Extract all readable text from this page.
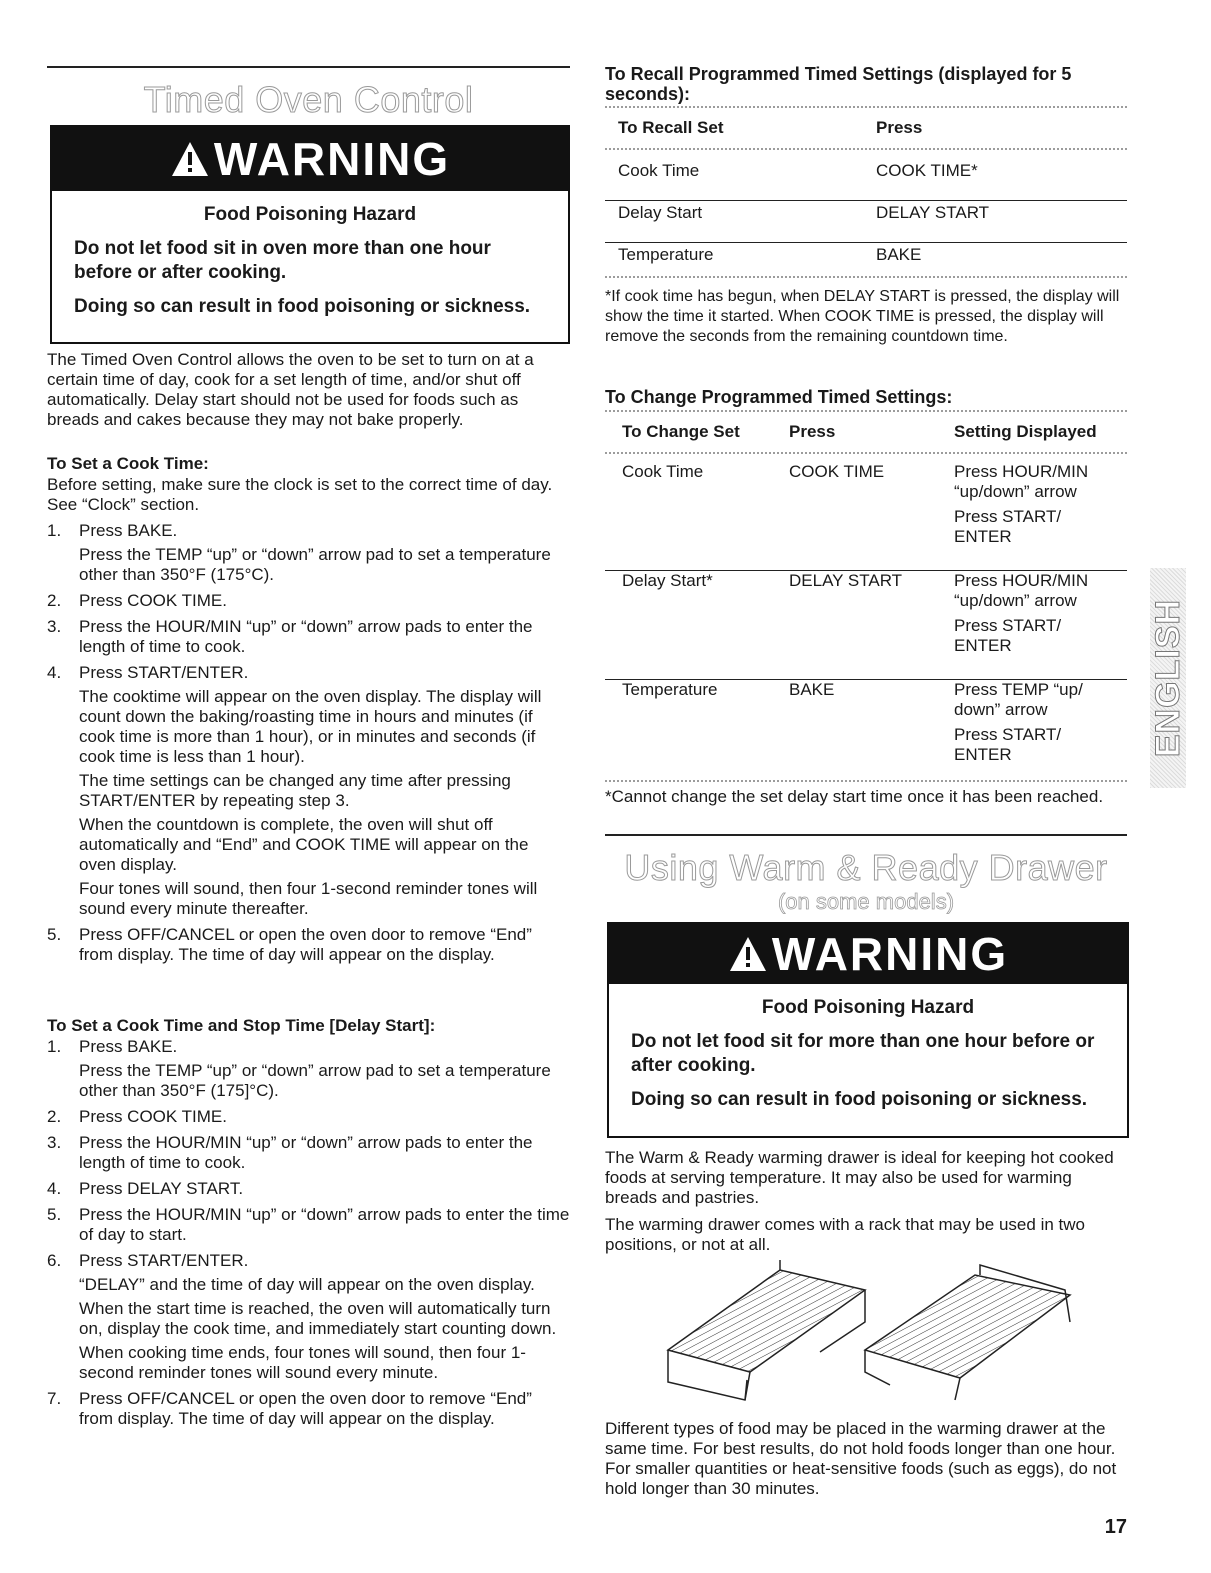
Timed Oven Control
WARNING
Food Poisoning Hazard
Do not let food sit in oven more than one hour before or after cooking.
Doing so can result in food poisoning or sickness.
The Timed Oven Control allows the oven to be set to turn on at a certain time of day, cook for a set length of time, and/or shut off automatically. Delay start should not be used for foods such as breads and cakes because they may not bake properly.
To Set a Cook Time:
Before setting, make sure the clock is set to the correct time of day. See “Clock” section.
1. Press BAKE.
Press the TEMP “up” or “down” arrow pad to set a temperature other than 350°F (175°C).
2. Press COOK TIME.
3. Press the HOUR/MIN “up” or “down” arrow pads to enter the length of time to cook.
4. Press START/ENTER.
The cooktime will appear on the oven display. The display will count down the baking/roasting time in hours and minutes (if cook time is more than 1 hour), or in minutes and seconds (if cook time is less than 1 hour).
The time settings can be changed any time after pressing START/ENTER by repeating step 3.
When the countdown is complete, the oven will shut off automatically and “End” and COOK TIME will appear on the oven display.
Four tones will sound, then four 1-second reminder tones will sound every minute thereafter.
5. Press OFF/CANCEL or open the oven door to remove “End” from display. The time of day will appear on the display.
To Set a Cook Time and Stop Time [Delay Start]:
1. Press BAKE.
Press the TEMP “up” or “down” arrow pad to set a temperature other than 350°F (175]°C).
2. Press COOK TIME.
3. Press the HOUR/MIN “up” or “down” arrow pads to enter the length of time to cook.
4. Press DELAY START.
5. Press the HOUR/MIN “up” or “down” arrow pads to enter the time of day to start.
6. Press START/ENTER.
“DELAY” and the time of day will appear on the oven display.
When the start time is reached, the oven will automatically turn on, display the cook time, and immediately start counting down.
When cooking time ends, four tones will sound, then four 1-second reminder tones will sound every minute.
7. Press OFF/CANCEL or open the oven door to remove “End” from display. The time of day will appear on the display.
To Recall Programmed Timed Settings (displayed for 5 seconds):
To Recall Set	Press
Cook Time	COOK TIME*
Delay Start	DELAY START
Temperature	BAKE
*If cook time has begun, when DELAY START is pressed, the display will show the time it started. When COOK TIME is pressed, the display will remove the seconds from the remaining countdown time.
To Change Programmed Timed Settings:
To Change Set	Press	Setting Displayed
Cook Time	COOK TIME	Press HOUR/MIN “up/down” arrow
Press START/ ENTER
Delay Start*	DELAY START	Press HOUR/MIN “up/down” arrow
Press START/ ENTER
Temperature	BAKE	Press TEMP “up/ down” arrow
Press START/ ENTER
*Cannot change the set delay start time once it has been reached.
Using Warm & Ready Drawer
(on some models)
WARNING
Food Poisoning Hazard
Do not let food sit for more than one hour before or after cooking.
Doing so can result in food poisoning or sickness.
The Warm & Ready warming drawer is ideal for keeping hot cooked foods at serving temperature. It may also be used for warming breads and pastries.
The warming drawer comes with a rack that may be used in two positions, or not at all.
Different types of food may be placed in the warming drawer at the same time. For best results, do not hold foods longer than one hour. For smaller quantities or heat-sensitive foods (such as eggs), do not hold longer than 30 minutes.
ENGLISH
17
